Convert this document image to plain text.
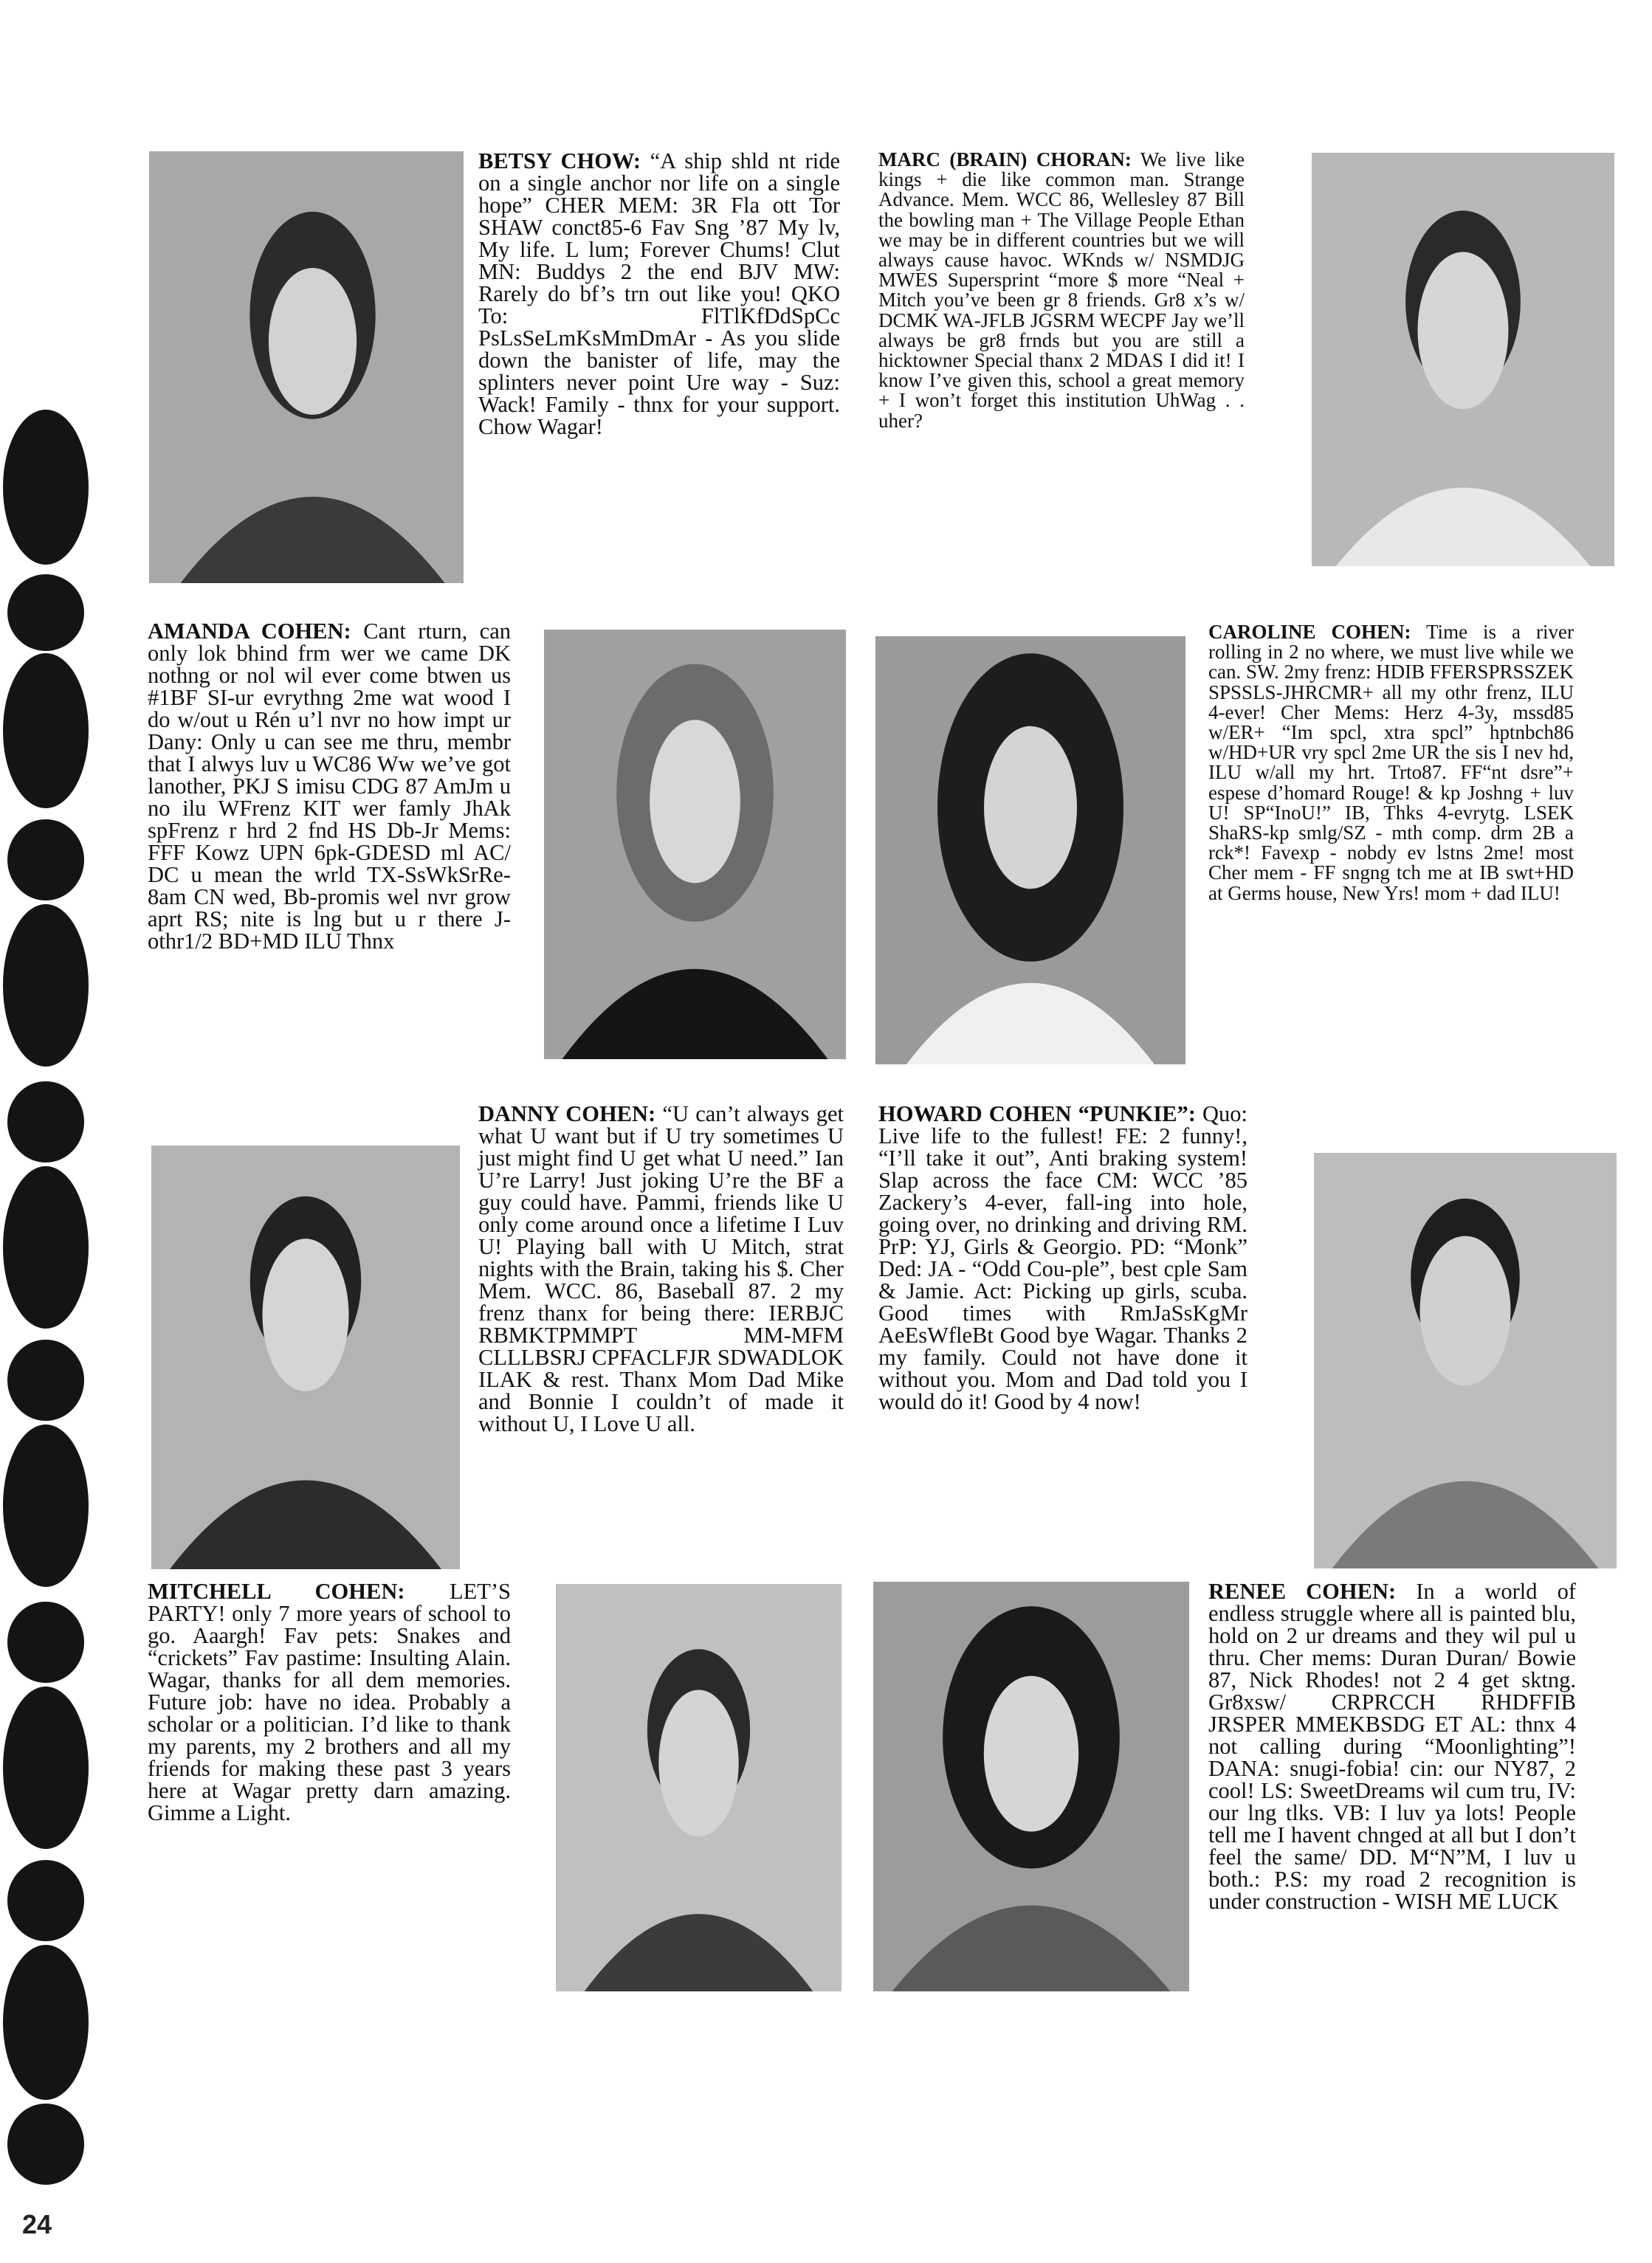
BETSY CHOW: “A ship shld nt ride on a single anchor nor life on a single hope” CHER MEM: 3R Fla ott Tor SHAW conct85-6 Fav Sng ’87 My lv, My life. L lum; Forever Chums! Clut MN: Buddys 2 the end BJV MW: Rarely do bf’s trn out like you! QKO To: FlTlKfDdSpCc PsLsSeLmKsMmDmAr - As you slide down the banister of life, may the splinters never point Ure way - Suz: Wack! Family - thnx for your support. Chow Wagar!
MARC (BRAIN) CHORAN: We live like kings + die like common man. Strange Advance. Mem. WCC 86, Wellesley 87 Bill the bowling man + The Village People Ethan we may be in different countries but we will always cause havoc. WKnds w/ NSMDJG MWES Supersprint “more $ more “Neal + Mitch you’ve been gr 8 friends. Gr8 x’s w/ DCMK WA-JFLB JGSRM WECPF Jay we’ll always be gr8 frnds but you are still a hicktowner Special thanx 2 MDAS I did it! I know I’ve given this, school a great memory + I won’t forget this institution UhWag . . uher?
AMANDA COHEN: Cant rturn, can only lok bhind frm wer we came DK nothng or nol wil ever come btwen us #1BF SI-ur evrythng 2me wat wood I do w/out u Rén u’l nvr no how impt ur Dany: Only u can see me thru, membr that I alwys luv u WC86 Ww we’ve got lanother, PKJ S imisu CDG 87 AmJm u no ilu WFrenz KIT wer famly JhAk spFrenz r hrd 2 fnd HS Db-Jr Mems: FFF Kowz UPN 6pk-GDESD ml AC/ DC u mean the wrld TX-SsWkSrRe-8am CN wed, Bb-promis wel nvr grow aprt RS; nite is lng but u r there J-othr1/2 BD+MD ILU Thnx
CAROLINE COHEN: Time is a river rolling in 2 no where, we must live while we can. SW. 2my frenz: HDIB FFERSPRSSZEK SPSSLS-JHRCMR+ all my othr frenz, ILU 4-ever! Cher Mems: Herz 4-3y, mssd85 w/ER+ “Im spcl, xtra spcl” hptnbch86 w/HD+UR vry spcl 2me UR the sis I nev hd, ILU w/all my hrt. Trto87. FF“nt dsre”+ espese d’homard Rouge! & kp Joshng + luv U! SP“InoU!” IB, Thks 4-evrytg. LSEK ShaRS-kp smlg/SZ - mth comp. drm 2B a rck*! Favexp - nobdy ev lstns 2me! most Cher mem - FF sngng tch me at IB swt+HD at Germs house, New Yrs! mom + dad ILU!
DANNY COHEN: “U can’t always get what U want but if U try sometimes U just might find U get what U need.” Ian U’re Larry! Just joking U’re the BF a guy could have. Pammi, friends like U only come around once a lifetime I Luv U! Playing ball with U Mitch, strat nights with the Brain, taking his $. Cher Mem. WCC. 86, Baseball 87. 2 my frenz thanx for being there: IERBJC RBMKTPMMPT MM-MFM CLLLBSRJ CPFACLFJR SDWADLOK ILAK & rest. Thanx Mom Dad Mike and Bonnie I couldn’t of made it without U, I Love U all.
HOWARD COHEN “PUNKIE”: Quo: Live life to the fullest! FE: 2 funny!, “I’ll take it out”, Anti braking system! Slap across the face CM: WCC ’85 Zackery’s 4-ever, fall-ing into hole, going over, no drinking and driving RM. PrP: YJ, Girls & Georgio. PD: “Monk” Ded: JA - “Odd Cou-ple”, best cple Sam & Jamie. Act: Picking up girls, scuba. Good times with RmJaSsKgMr AeEsWfleBt Good bye Wagar. Thanks 2 my family. Could not have done it without you. Mom and Dad told you I would do it! Good by 4 now!
MITCHELL COHEN: LET’S PARTY! only 7 more years of school to go. Aaargh! Fav pets: Snakes and “crickets” Fav pastime: Insulting Alain. Wagar, thanks for all dem memories. Future job: have no idea. Probably a scholar or a politician. I’d like to thank my parents, my 2 brothers and all my friends for making these past 3 years here at Wagar pretty darn amazing. Gimme a Light.
RENEE COHEN: In a world of endless struggle where all is painted blu, hold on 2 ur dreams and they wil pul u thru. Cher mems: Duran Duran/ Bowie 87, Nick Rhodes! not 2 4 get sktng. Gr8xsw/ CRPRCCH RHDFFIB JRSPER MMEKBSDG ET AL: thnx 4 not calling during “Moonlighting”! DANA: snugi-fobia! cin: our NY87, 2 cool! LS: SweetDreams wil cum tru, IV: our lng tlks. VB: I luv ya lots! People tell me I havent chnged at all but I don’t feel the same/ DD. M“N”M, I luv u both.: P.S: my road 2 recognition is under construction - WISH ME LUCK
24
